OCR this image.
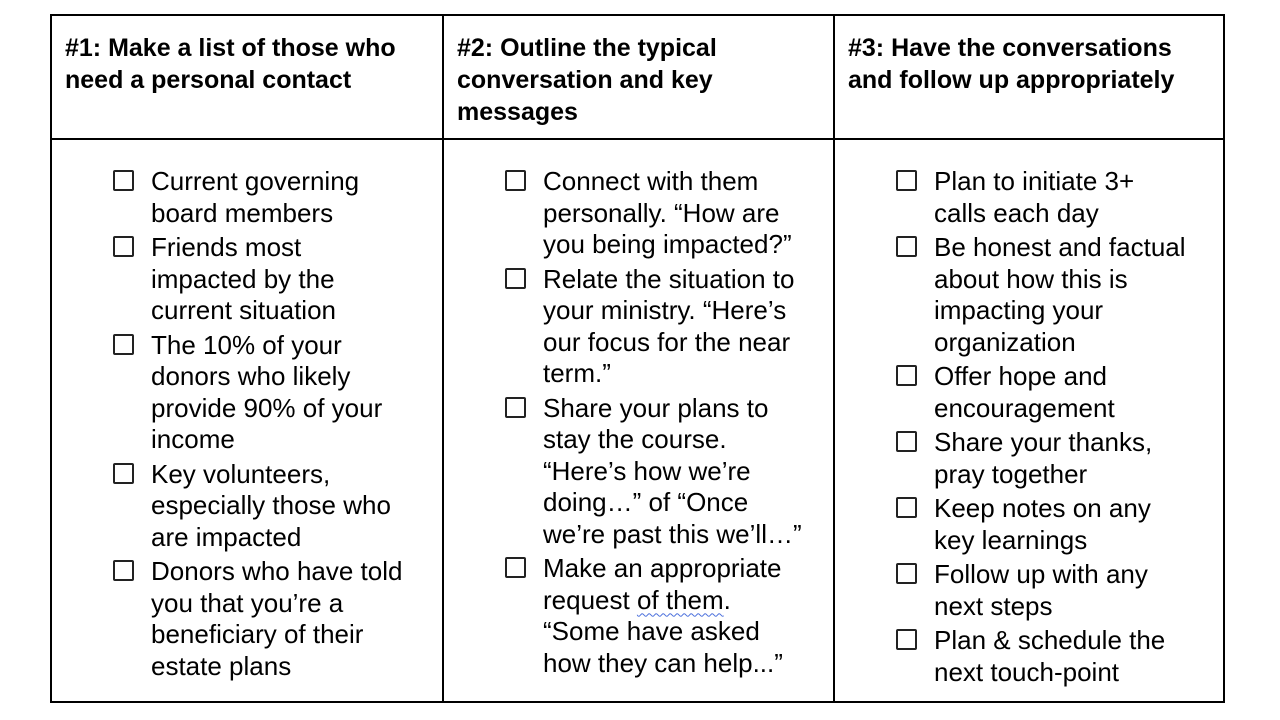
#1: Make a list of those who
need a personal contact
#2: Outline the typical
conversation and key
messages
#3: Have the conversations
and follow up appropriately
Current governing
board members
Friends most
impacted by the
current situation
The 10% of your
donors who likely
provide 90% of your
income
Key volunteers,
especially those who
are impacted
Donors who have told
you that you’re a
beneficiary of their
estate plans
Connect with them
personally. “How are
you being impacted?”
Relate the situation to
your ministry. “Here’s
our focus for the near
term.”
Share your plans to
stay the course.
“Here’s how we’re
doing…” of “Once
we’re past this we’ll…”
Make an appropriate
request of them.
“Some have asked
how they can help...”
Plan to initiate 3+
calls each day
Be honest and factual
about how this is
impacting your
organization
Offer hope and
encouragement
Share your thanks,
pray together
Keep notes on any
key learnings
Follow up with any
next steps
Plan & schedule the
next touch-point
